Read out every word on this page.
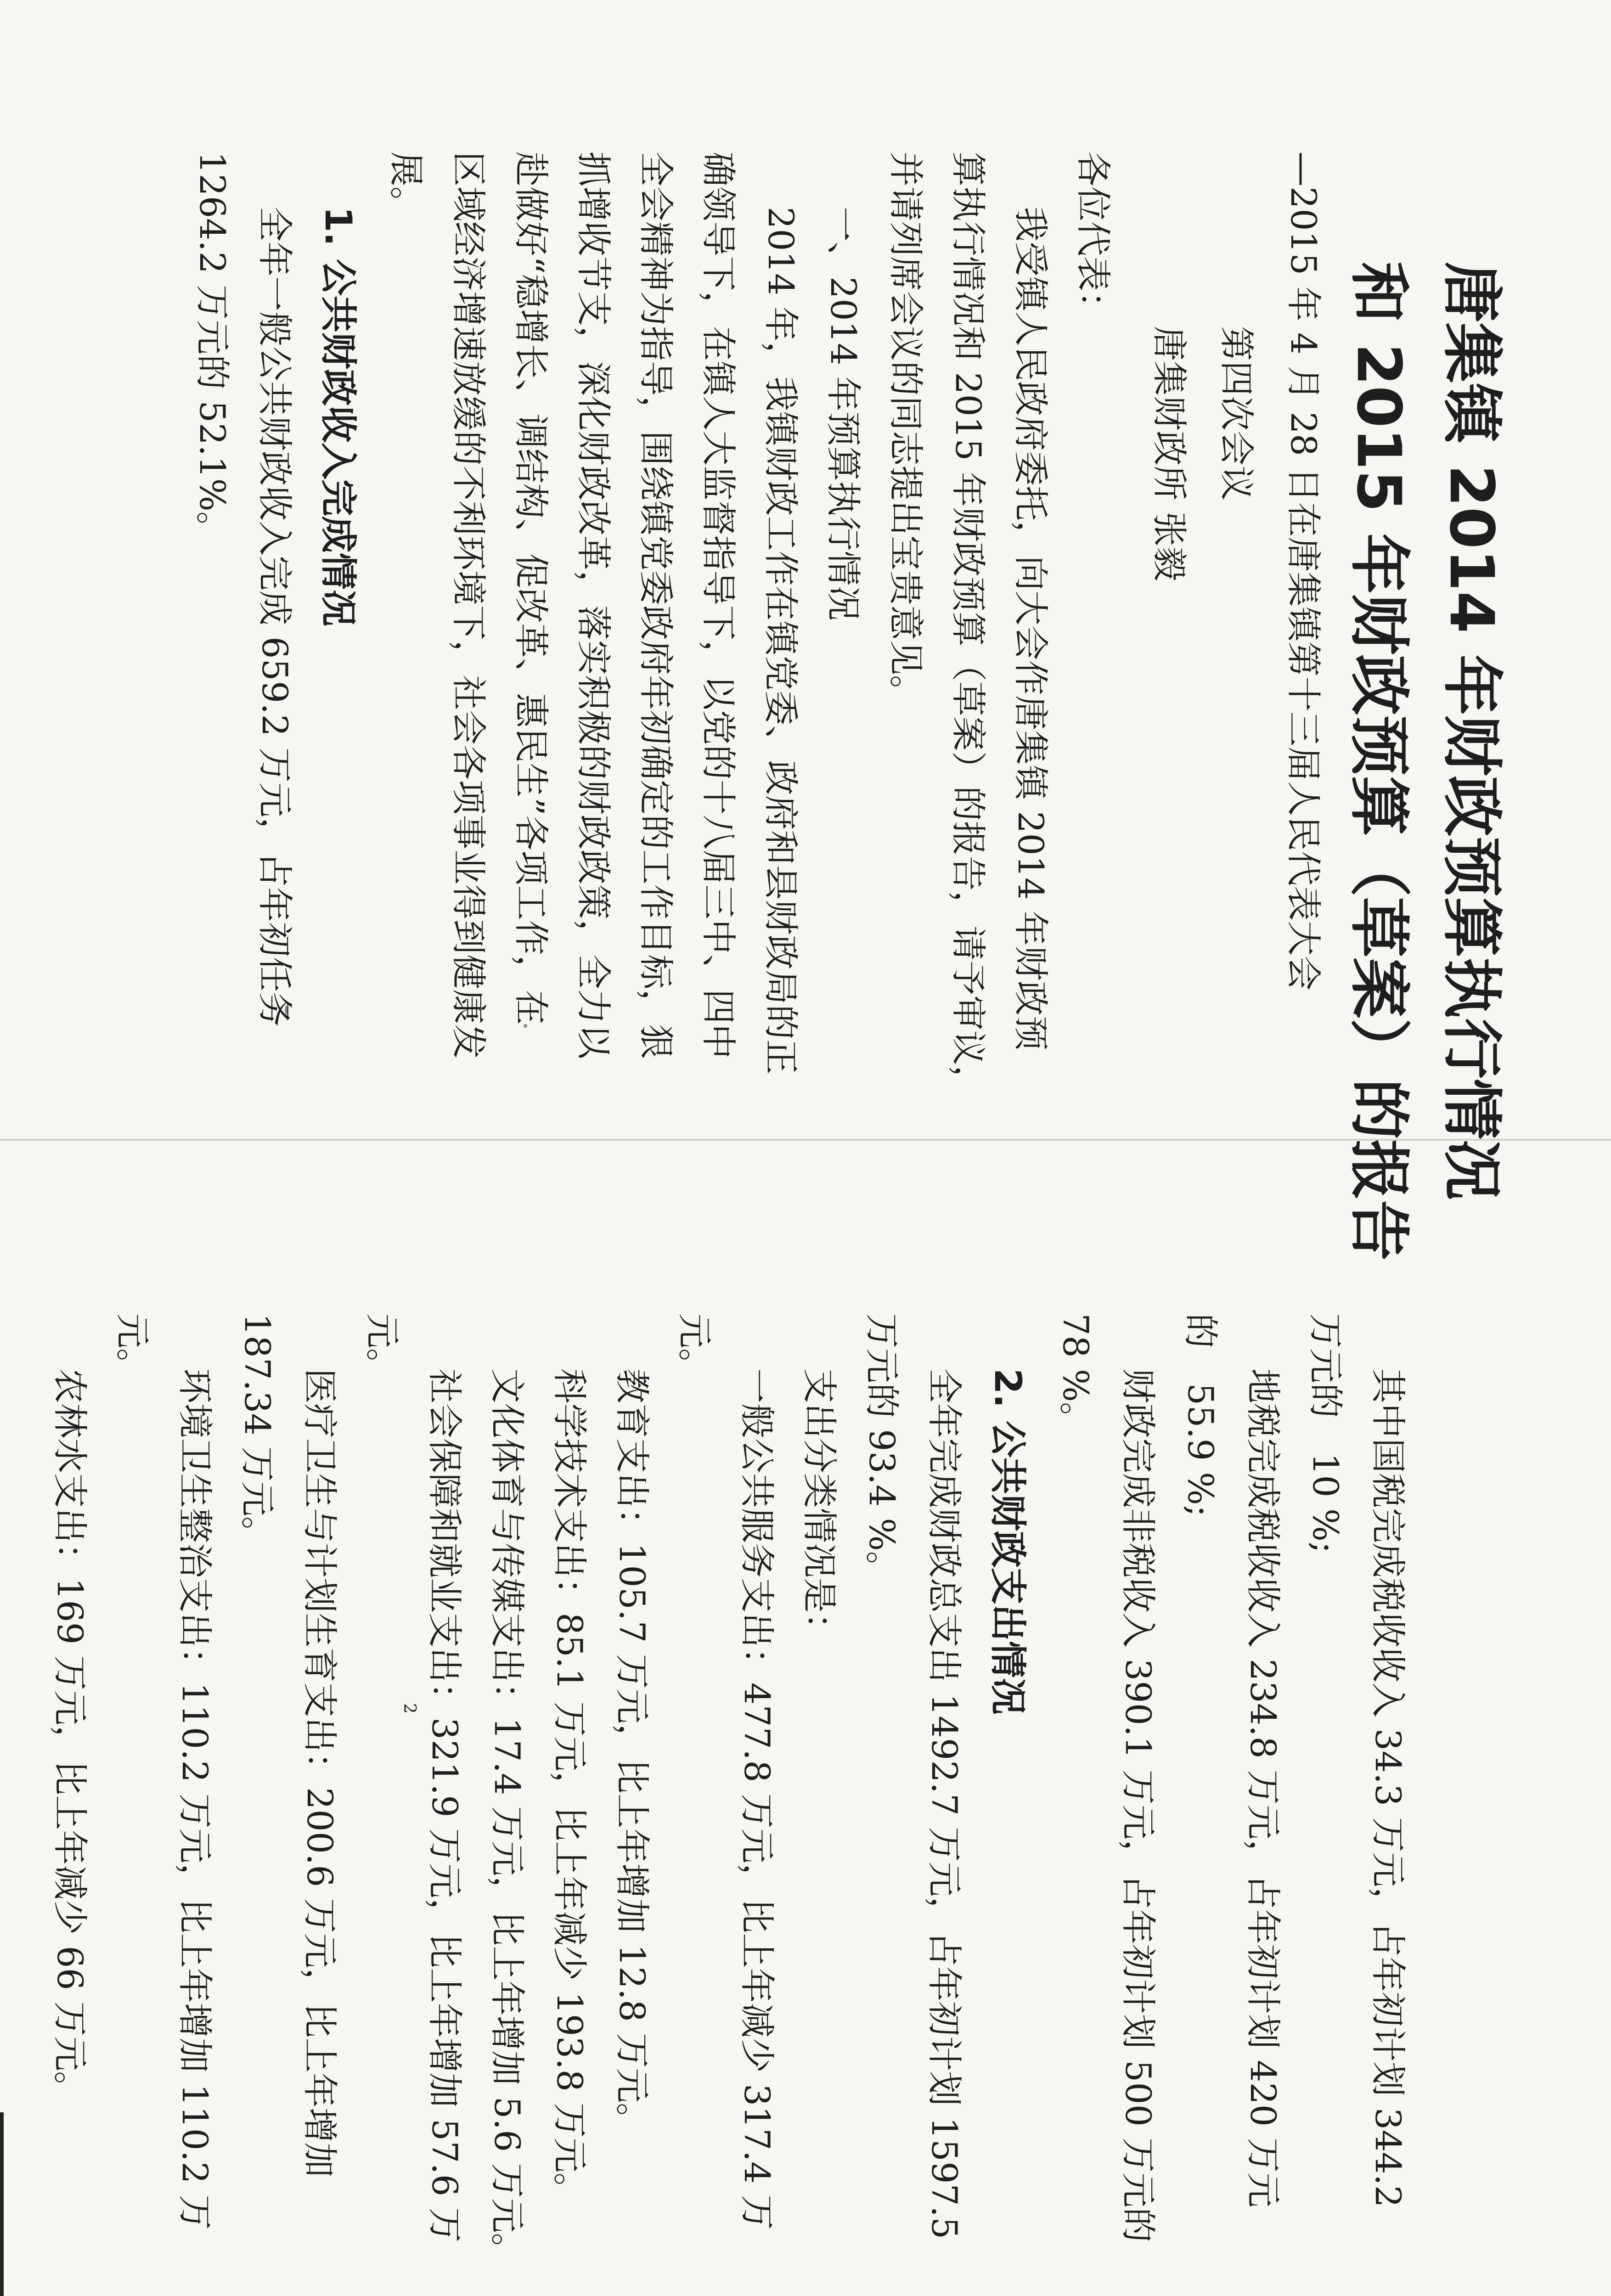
唐集镇 2014 年财政预算执行情况
和 2015 年财政预算（草案）的报告
—2015 年 4 月 28 日在唐集镇第十三届人民代表大会
第四次会议
唐集财政所 张毅
各位代表：
我受镇人民政府委托，向大会作唐集镇 2014 年财政预
算执行情况和 2015 年财政预算（草案）的报告，请予审议，
并请列席会议的同志提出宝贵意见。
一、2014 年预算执行情况
2014 年，我镇财政工作在镇党委、政府和县财政局的正
确领导下，在镇人大监督指导下，以党的十八届三中、四中
全会精神为指导，围绕镇党委政府年初确定的工作目标，狠
抓增收节支，深化财政改革，落实积极的财政政策，全力以
赴做好“稳增长、调结构、促改革、惠民生”各项工作，在
区域经济增速放缓的不利环境下，社会各项事业得到健康发
展。
1. 公共财政收入完成情况
全年一般公共财政收入完成 659.2 万元，占年初任务
1264.2 万元的 52.1%。
其中国税完成税收收入 34.3 万元，占年初计划 344.2
万元的　10 %;
地税完成税收收入 234.8 万元，占年初计划 420 万元
的　55.9 %;
财政完成非税收入 390.1 万元，占年初计划 500 万元的
78 %。
2. 公共财政支出情况
全年完成财政总支出 1492.7 万元，占年初计划 1597.5
万元的 93.4 %。
支出分类情况是：
一般公共服务支出：477.8 万元，比上年减少 317.4 万
元。
教育支出：105.7 万元，比上年增加 12.8 万元。
科学技术支出：85.1 万元，比上年减少 193.8 万元。
文化体育与传媒支出：17.4 万元，比上年增加 5.6 万元。
社会保障和就业支出：321.9 万元，比上年增加 57.6 万
元。
医疗卫生与计划生育支出：200.6 万元，比上年增加
187.34 万元。
环境卫生整治支出：110.2 万元，比上年增加 110.2 万
元。
农林水支出：169 万元，比上年减少 66 万元。	2
